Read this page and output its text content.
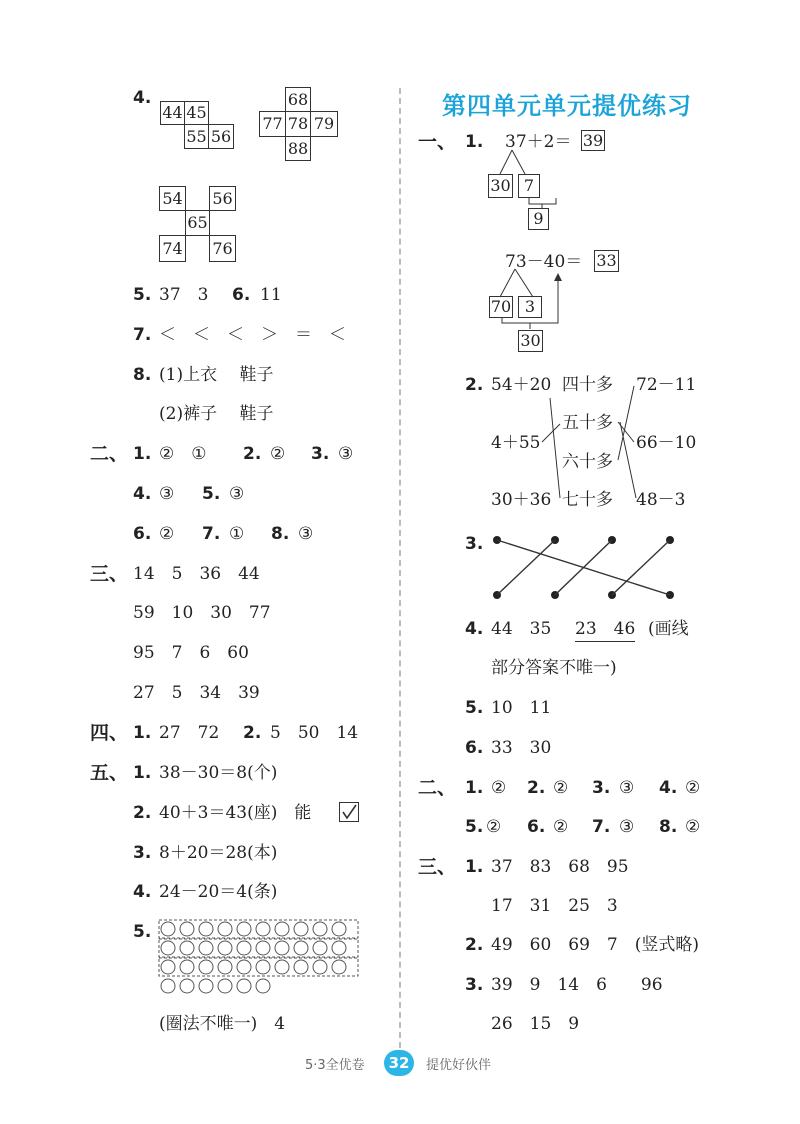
4.
44 45
55 56
68
77 78 79
88
54 56
65
74 76
5. 37　3 6. 11
7. ＜　＜　＜　＞　＝　＜
8. (1)上衣　 鞋子
(2)裤子　 鞋子
二、 1. ②　① 2. ② 3. ③
4. ③ 5. ③
6. ② 7. ① 8. ③
三、 14　5　36　44
59　10　30　77
95　7　6　60
27　5　34　39
四、 1. 27　72 2. 5　50　14
五、 1. 38－30＝8(个)
2. 40＋3＝43(座)　能
3. 8＋20＝28(本)
4. 24－20＝4(条)
5.
(圈法不唯一)　4
第四单元单元提优练习
一、 1. 37＋2＝ 39
30 7
9
73－40＝ 33
70 3
30
2. 54＋20
4＋55
30＋36
四十多
五十多
六十多
七十多
72－11
66－10
48－3
3.
4. 44　35 23　46 (画线
部分答案不唯一)
5. 10　11
6. 33　30
二、 1. ② 2. ② 3. ③ 4. ②
5. ② 6. ② 7. ③ 8. ②
三、 1. 37　83　68　95
17　31　25　3
2. 49　60　69　7　(竖式略)
3. 39　9　14　6　　96
26　15　9
5·3全优卷	32	提优好伙伴
